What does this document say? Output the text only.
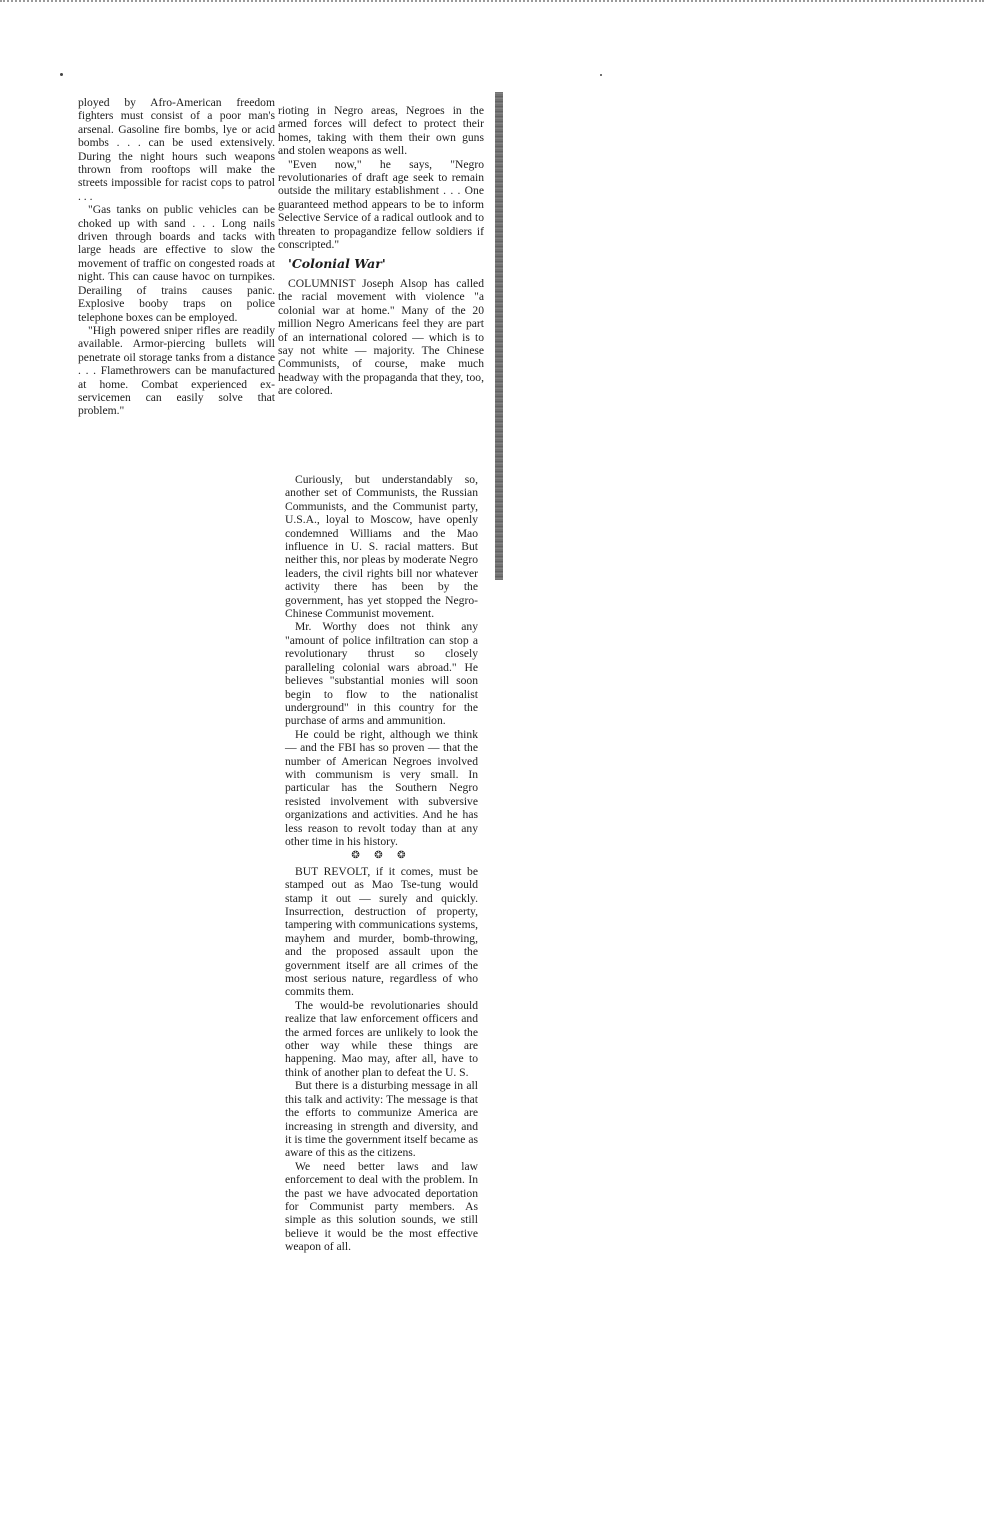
ployed by Afro-American freedom fighters must consist of a poor man's arsenal. Gasoline fire bombs, lye or acid bombs . . . can be used extensively. During the night hours such weapons thrown from rooftops will make the streets impossible for racist cops to patrol . . .

"Gas tanks on public vehicles can be choked up with sand . . . Long nails driven through boards and tacks with large heads are effective to slow the movement of traffic on congested roads at night. This can cause havoc on turnpikes. Derailing of trains causes panic. Explosive booby traps on police telephone boxes can be employed.

"High powered sniper rifles are readily available. Armor-piercing bullets will penetrate oil storage tanks from a distance . . . Flamethrowers can be manufactured at home. Combat experienced ex-servicemen can easily solve that problem."

rioting in Negro areas, Negroes in the armed forces will defect to protect their homes, taking with them their own guns and stolen weapons as well.

"Even now," he says, "Negro revolutionaries of draft age seek to remain outside the military establishment . . . One guaranteed method appears to be to inform Selective Service of a radical outlook and to threaten to propagandize fellow soldiers if conscripted."

'Colonial War'

COLUMNIST Joseph Alsop has called the racial movement with violence "a colonial war at home." Many of the 20 million Negro Americans feel they are part of an international colored — which is to say not white — majority. The Chinese Communists, of course, make much headway with the propaganda that they, too, are colored.

Curiously, but understandably so, another set of Communists, the Russian Communists, and the Communist party, U.S.A., loyal to Moscow, have openly condemned Williams and the Mao influence in U. S. racial matters. But neither this, nor pleas by moderate Negro leaders, the civil rights bill nor whatever activity there has been by the government, has yet stopped the Negro-Chinese Communist movement.

Mr. Worthy does not think any "amount of police infiltration can stop a revolutionary thrust so closely paralleling colonial wars abroad." He believes "substantial monies will soon begin to flow to the nationalist underground" in this country for the purchase of arms and ammunition.

He could be right, although we think — and the FBI has so proven — that the number of American Negroes involved with communism is very small. In particular has the Southern Negro resisted involvement with subversive organizations and activities. And he has less reason to revolt today than at any other time in his history.

❂ ❂ ❂

BUT REVOLT, if it comes, must be stamped out as Mao Tse-tung would stamp it out — surely and quickly. Insurrection, destruction of property, tampering with communications systems, mayhem and murder, bomb-throwing, and the proposed assault upon the government itself are all crimes of the most serious nature, regardless of who commits them.

The would-be revolutionaries should realize that law enforcement officers and the armed forces are unlikely to look the other way while these things are happening. Mao may, after all, have to think of another plan to defeat the U. S.

But there is a disturbing message in all this talk and activity: The message is that the efforts to communize America are increasing in strength and diversity, and it is time the government itself became as aware of this as the citizens.

We need better laws and law enforcement to deal with the problem. In the past we have advocated deportation for Communist party members. As simple as this solution sounds, we still believe it would be the most effective weapon of all.
